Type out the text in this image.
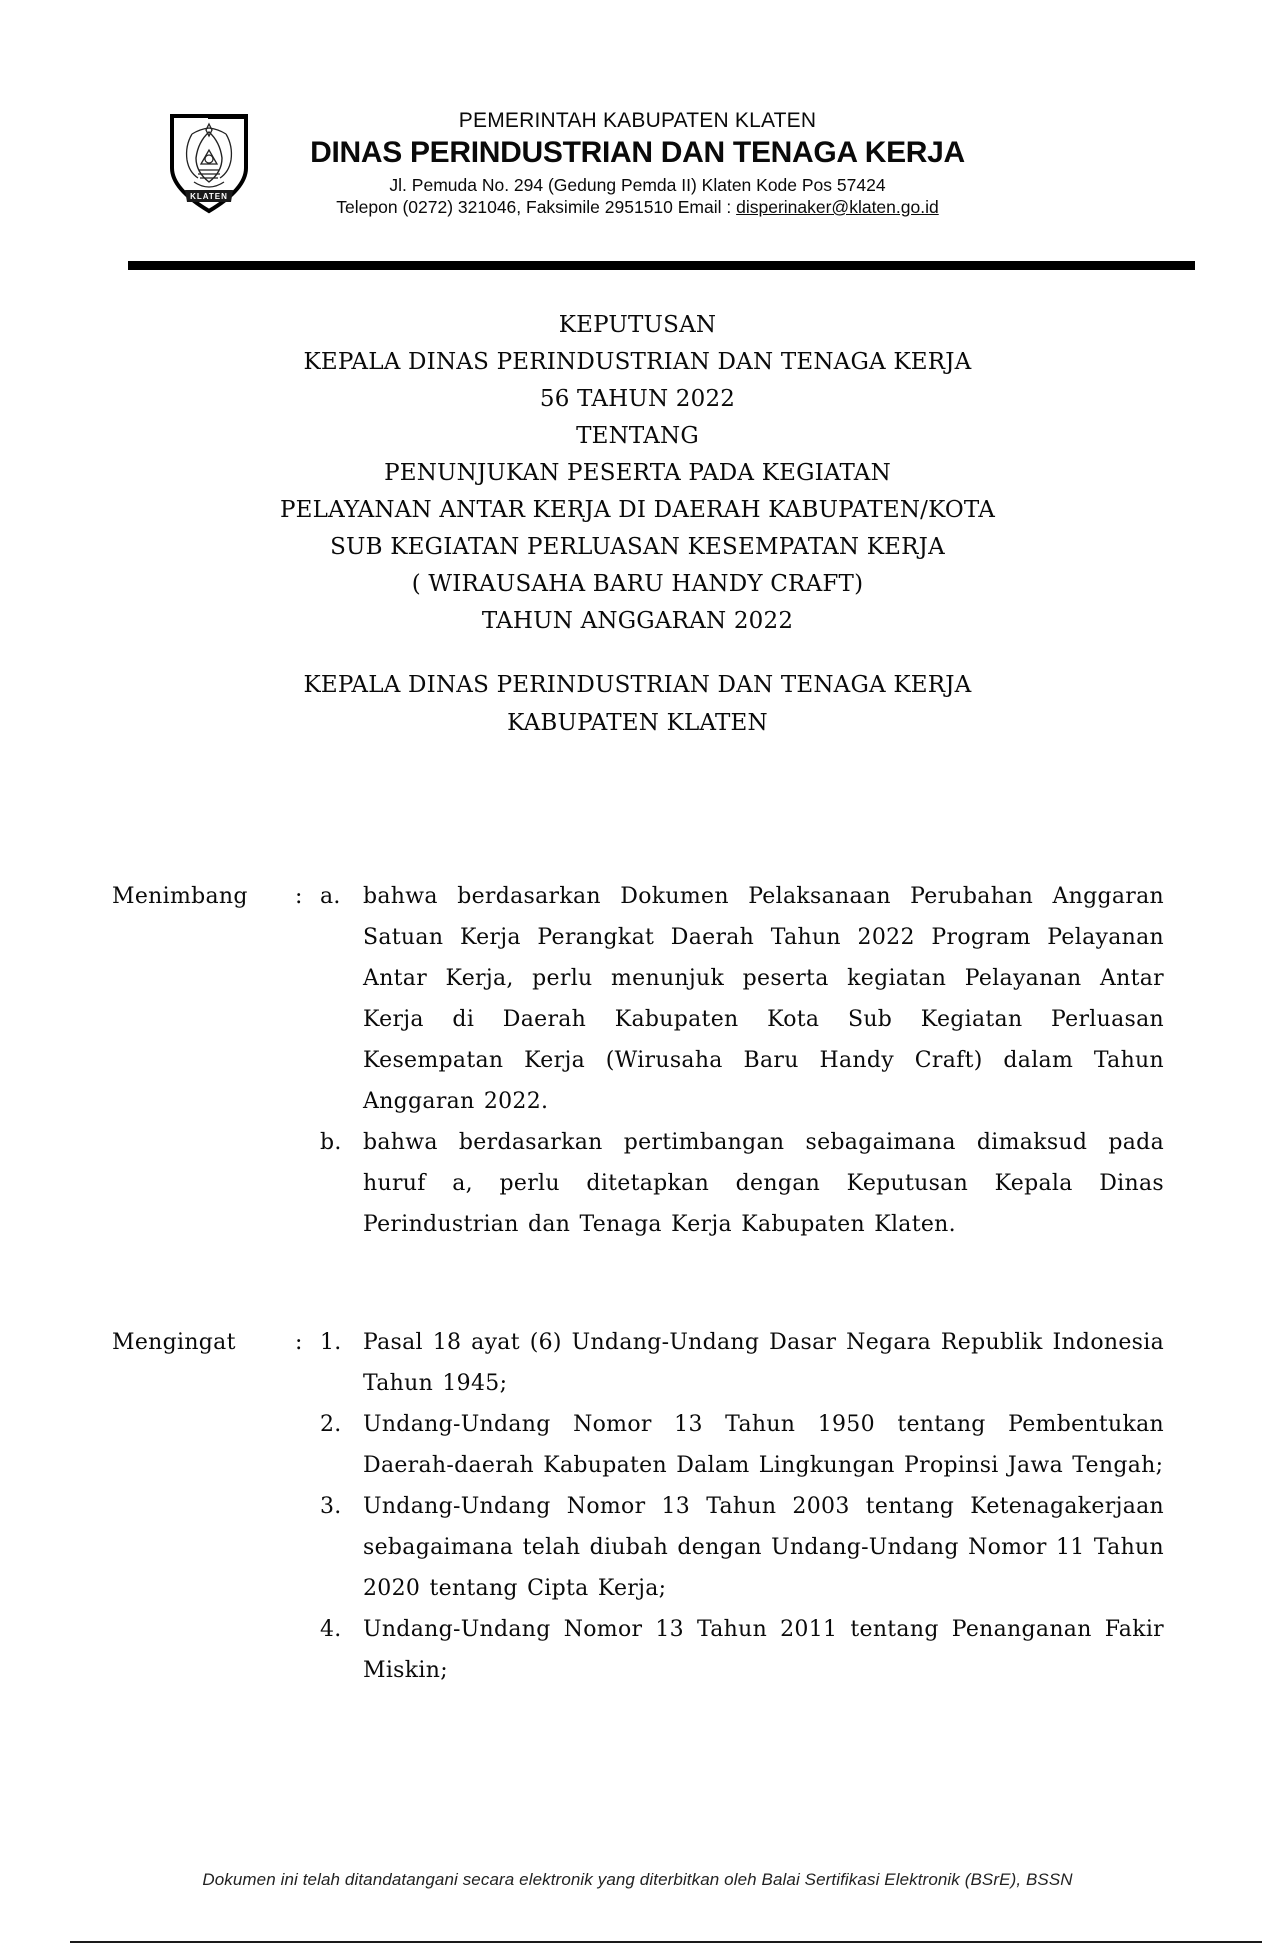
KLATEN
PEMERINTAH KABUPATEN KLATEN
DINAS PERINDUSTRIAN DAN TENAGA KERJA
Jl. Pemuda No. 294 (Gedung Pemda II) Klaten Kode Pos 57424
Telepon (0272) 321046, Faksimile 2951510 Email : disperinaker@klaten.go.id
KEPUTUSAN
KEPALA DINAS PERINDUSTRIAN DAN TENAGA KERJA
56 TAHUN 2022
TENTANG
PENUNJUKAN PESERTA PADA KEGIATAN
PELAYANAN ANTAR KERJA DI DAERAH KABUPATEN/KOTA
SUB KEGIATAN PERLUASAN KESEMPATAN KERJA
( WIRAUSAHA BARU HANDY CRAFT)
TAHUN ANGGARAN 2022
KEPALA DINAS PERINDUSTRIAN DAN TENAGA KERJA
KABUPATEN KLATEN
Menimbang	: a.	bahwa berdasarkan Dokumen Pelaksanaan Perubahan Anggaran Satuan Kerja Perangkat Daerah Tahun 2022 Program Pelayanan Antar Kerja, perlu menunjuk peserta kegiatan Pelayanan Antar Kerja di Daerah Kabupaten Kota Sub Kegiatan Perluasan Kesempatan Kerja (Wirusaha Baru Handy Craft) dalam Tahun Anggaran 2022.
b. bahwa berdasarkan pertimbangan sebagaimana dimaksud pada huruf a, perlu ditetapkan dengan Keputusan Kepala Dinas Perindustrian dan Tenaga Kerja Kabupaten Klaten.
Mengingat	: 1. Pasal 18 ayat (6) Undang-Undang Dasar Negara Republik Indonesia Tahun 1945;
2. Undang-Undang Nomor 13 Tahun 1950 tentang Pembentukan Daerah-daerah Kabupaten Dalam Lingkungan Propinsi Jawa Tengah;
3. Undang-Undang Nomor 13 Tahun 2003 tentang Ketenagakerjaan sebagaimana telah diubah dengan Undang-Undang Nomor 11 Tahun 2020 tentang Cipta Kerja;
4. Undang-Undang Nomor 13 Tahun 2011 tentang Penanganan Fakir Miskin;
Dokumen ini telah ditandatangani secara elektronik yang diterbitkan oleh Balai Sertifikasi Elektronik (BSrE), BSSN
